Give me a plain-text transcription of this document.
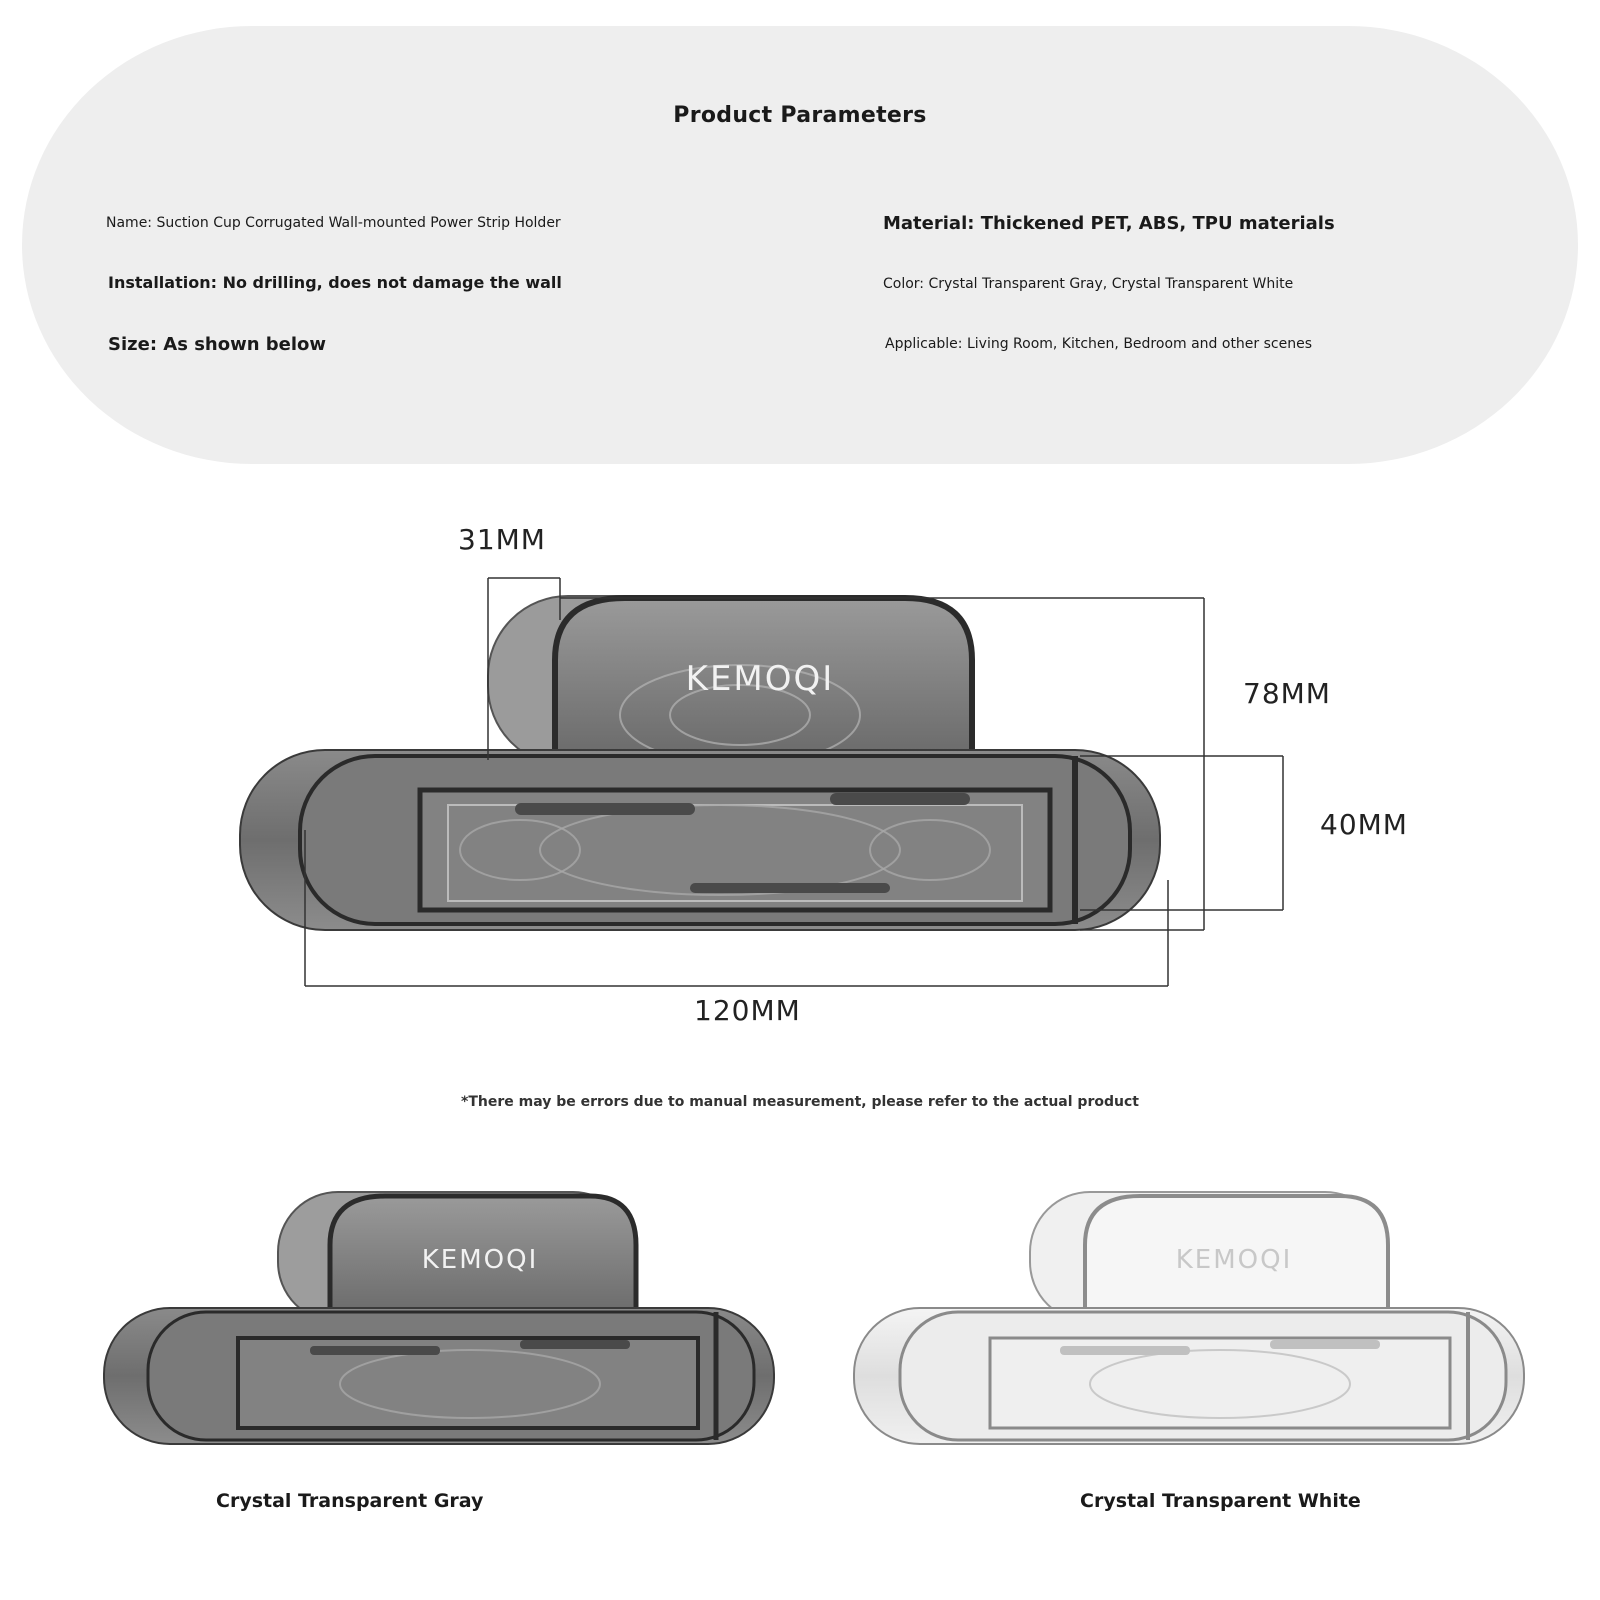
Product Parameters
Name: Suction Cup Corrugated Wall-mounted Power Strip Holder	Material: Thickened PET, ABS, TPU materials
Installation: No drilling, does not damage the wall	Color: Crystal Transparent Gray, Crystal Transparent White
Size: As shown below	Applicable: Living Room, Kitchen, Bedroom and other scenes
KEMOQI
31MM
78MM
40MM
120MM
*There may be errors due to manual measurement, please refer to the actual product
KEMOQI	KEMOQI
Crystal Transparent Gray	Crystal Transparent White
